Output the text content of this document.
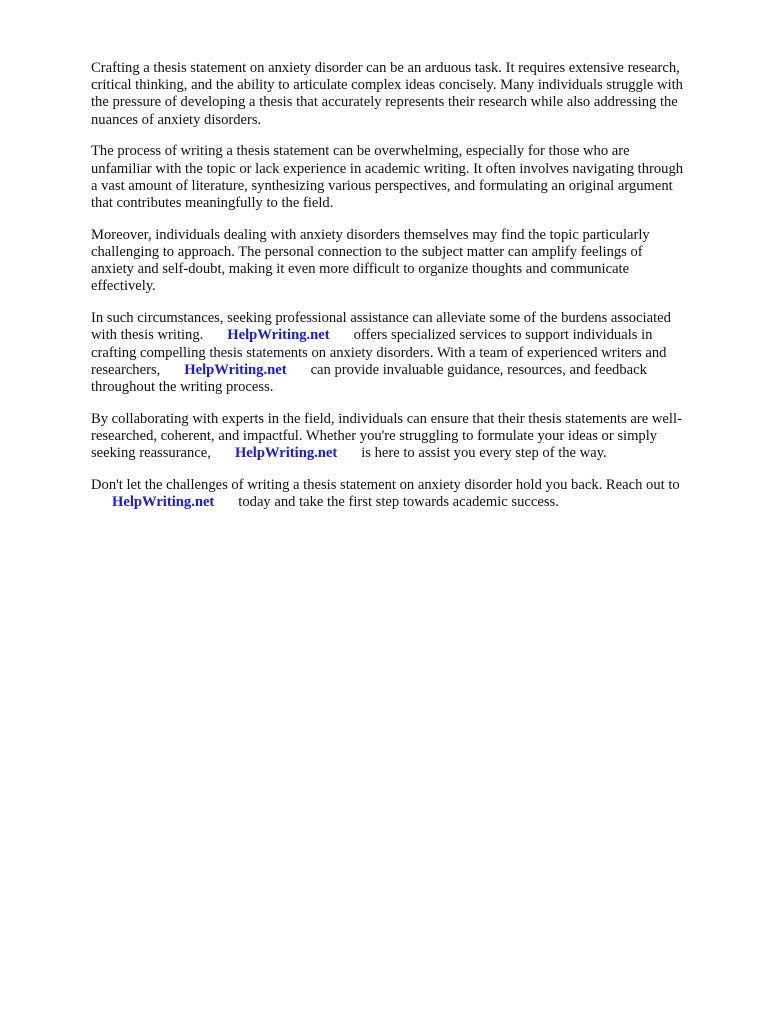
Crafting a thesis statement on anxiety disorder can be an arduous task. It requires extensive research,
critical thinking, and the ability to articulate complex ideas concisely. Many individuals struggle with
the pressure of developing a thesis that accurately represents their research while also addressing the
nuances of anxiety disorders.

The process of writing a thesis statement can be overwhelming, especially for those who are
unfamiliar with the topic or lack experience in academic writing. It often involves navigating through
a vast amount of literature, synthesizing various perspectives, and formulating an original argument
that contributes meaningfully to the field.

Moreover, individuals dealing with anxiety disorders themselves may find the topic particularly
challenging to approach. The personal connection to the subject matter can amplify feelings of
anxiety and self-doubt, making it even more difficult to organize thoughts and communicate
effectively.

In such circumstances, seeking professional assistance can alleviate some of the burdens associated
with thesis writing. HelpWriting.net offers specialized services to support individuals in
crafting compelling thesis statements on anxiety disorders. With a team of experienced writers and
researchers, HelpWriting.net can provide invaluable guidance, resources, and feedback
throughout the writing process.

By collaborating with experts in the field, individuals can ensure that their thesis statements are well-
researched, coherent, and impactful. Whether you're struggling to formulate your ideas or simply
seeking reassurance, HelpWriting.net is here to assist you every step of the way.

Don't let the challenges of writing a thesis statement on anxiety disorder hold you back. Reach out to
HelpWriting.net today and take the first step towards academic success.
